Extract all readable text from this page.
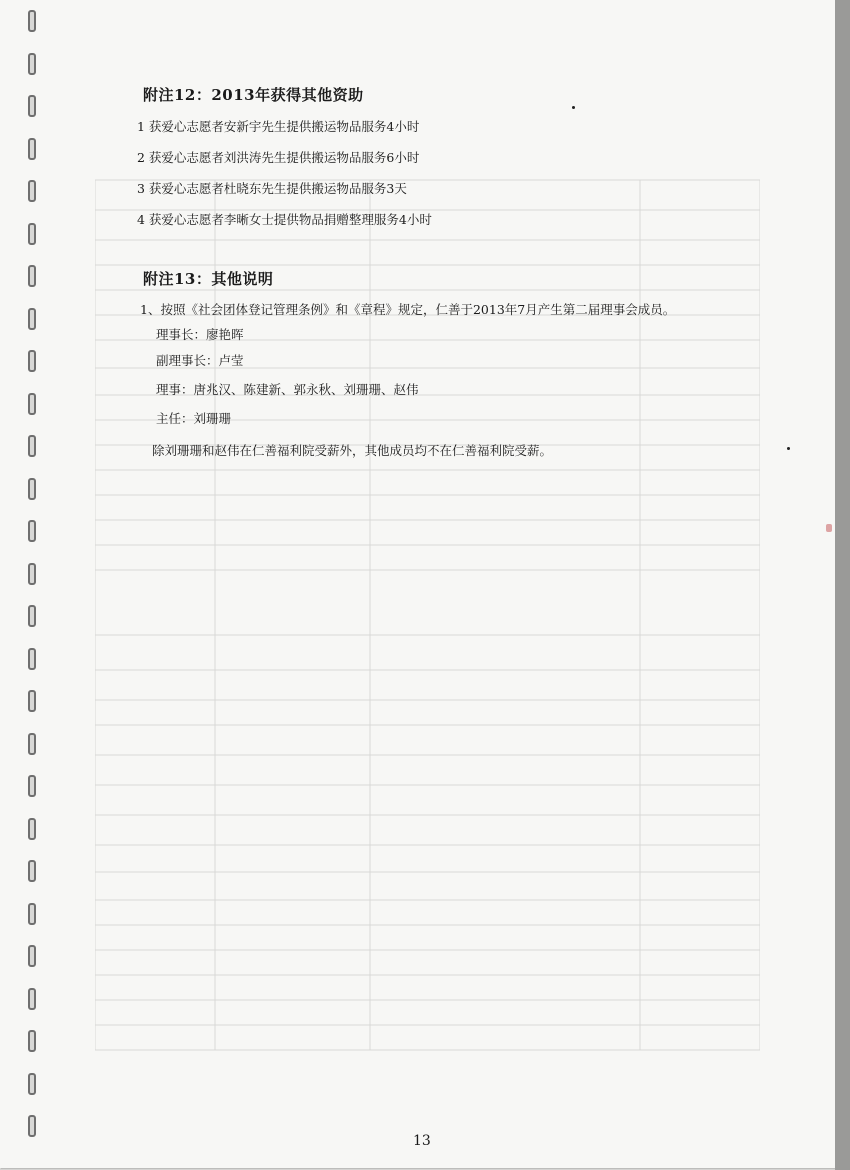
附注12：2013年获得其他资助

1 获爱心志愿者安新宇先生提供搬运物品服务4小时

2 获爱心志愿者刘洪涛先生提供搬运物品服务6小时

3 获爱心志愿者杜晓东先生提供搬运物品服务3天

4 获爱心志愿者李晰女士提供物品捐赠整理服务4小时

附注13：其他说明

1、按照《社会团体登记管理条例》和《章程》规定，仁善于2013年7月产生第二届理事会成员。

理事长：廖艳晖

副理事长：卢莹

理事：唐兆汉、陈建新、郭永秋、刘珊珊、赵伟

主任：刘珊珊

除刘珊珊和赵伟在仁善福利院受薪外，其他成员均不在仁善福利院受薪。

13
